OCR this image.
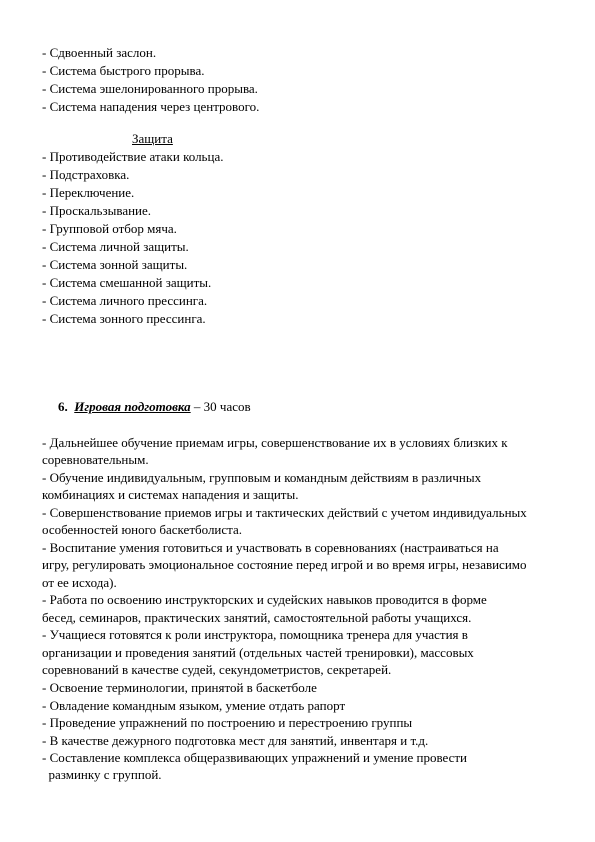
- Сдвоенный заслон.
- Система быстрого прорыва.
- Система эшелонированного прорыва.
- Система нападения через центрового.
Защита
- Противодействие атаки кольца.
- Подстраховка.
- Переключение.
- Проскальзывание.
- Групповой отбор мяча.
- Система личной защиты.
- Система зонной защиты.
- Система смешанной защиты.
- Система личного прессинга.
- Система зонного прессинга.
6. Игровая подготовка – 30 часов
- Дальнейшее обучение приемам игры, совершенствование их в условиях близких к
соревновательным.
- Обучение индивидуальным, групповым и командным действиям в различных
комбинациях и системах нападения и защиты.
- Совершенствование приемов игры и тактических действий с учетом индивидуальных
особенностей юного баскетболиста.
- Воспитание умения готовиться и участвовать в соревнованиях (настраиваться на
игру, регулировать эмоциональное состояние перед игрой и во время игры, независимо
от ее исхода).
- Работа по освоению инструкторских и судейских навыков проводится в форме
бесед, семинаров, практических занятий, самостоятельной работы учащихся.
- Учащиеся готовятся к роли инструктора, помощника тренера для участия в
организации и проведения занятий (отдельных частей тренировки), массовых
соревнований в качестве судей, секундометристов, секретарей.
- Освоение терминологии, принятой в баскетболе
- Овладение командным языком, умение отдать рапорт
- Проведение упражнений по построению и перестроению группы
- В качестве дежурного подготовка мест для занятий, инвентаря и т.д.
- Составление комплекса общеразвивающих упражнений и умение провести
разминку с группой.
